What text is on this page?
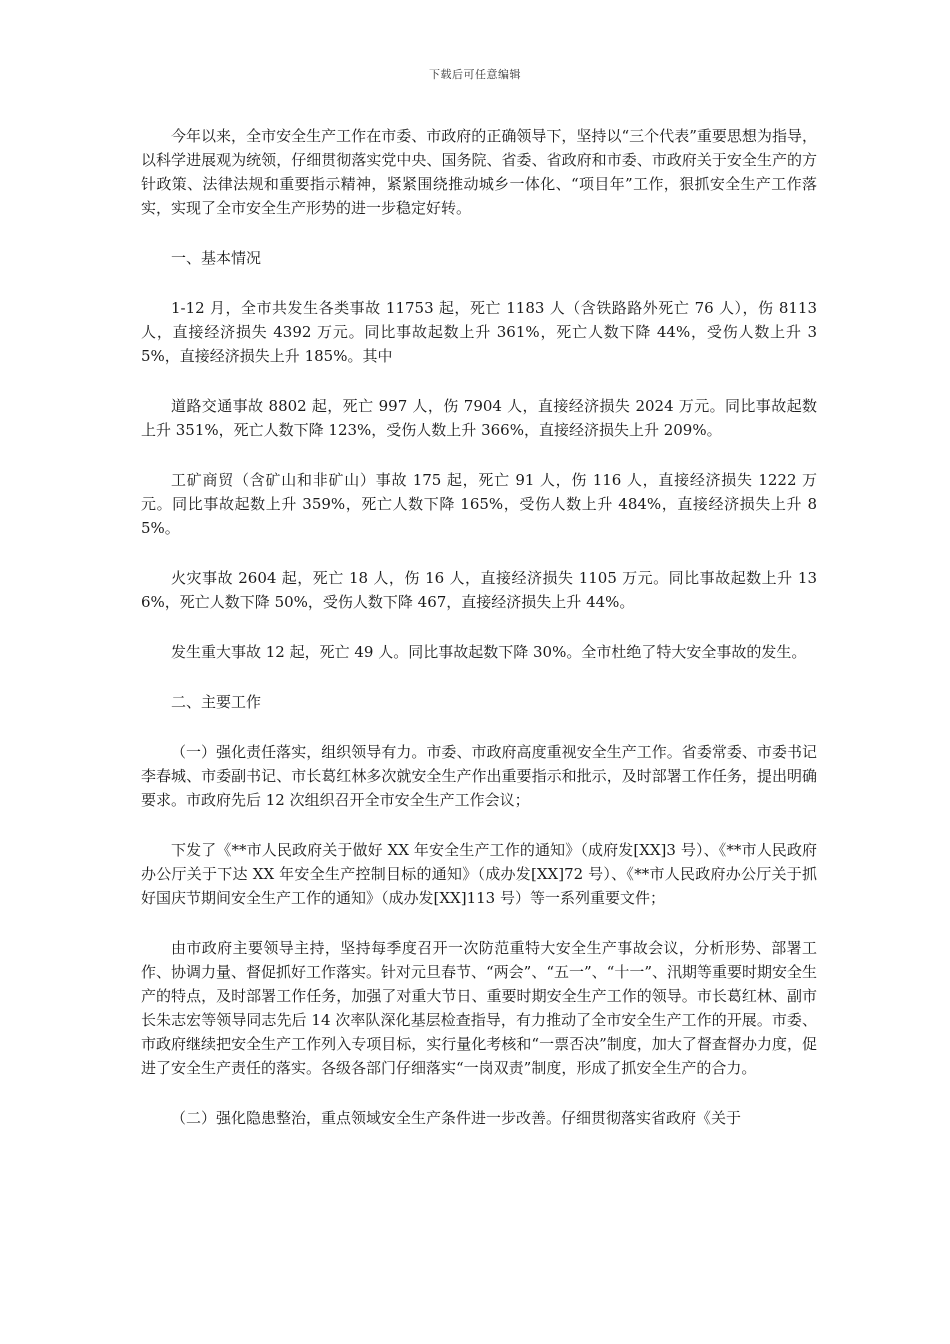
下载后可任意编辑

今年以来，全市安全生产工作在市委、市政府的正确领导下，坚持以“三个代表”重要思想为指导，以科学进展观为统领，仔细贯彻落实党中央、国务院、省委、省政府和市委、市政府关于安全生产的方针政策、法律法规和重要指示精神，紧紧围绕推动城乡一体化、“项目年”工作，狠抓安全生产工作落实，实现了全市安全生产形势的进一步稳定好转。

一、基本情况

1-12 月，全市共发生各类事故 11753 起，死亡 1183 人（含铁路路外死亡 76 人），伤 8113 人，直接经济损失 4392 万元。同比事故起数上升 361%，死亡人数下降 44%，受伤人数上升 35%，直接经济损失上升 185%。其中

道路交通事故 8802 起，死亡 997 人，伤 7904 人，直接经济损失 2024 万元。同比事故起数上升 351%，死亡人数下降 123%，受伤人数上升 366%，直接经济损失上升 209%。

工矿商贸（含矿山和非矿山）事故 175 起，死亡 91 人，伤 116 人，直接经济损失 1222 万元。同比事故起数上升 359%，死亡人数下降 165%，受伤人数上升 484%，直接经济损失上升 85%。

火灾事故 2604 起，死亡 18 人，伤 16 人，直接经济损失 1105 万元。同比事故起数上升 136%，死亡人数下降 50%，受伤人数下降 467，直接经济损失上升 44%。

发生重大事故 12 起，死亡 49 人。同比事故起数下降 30%。全市杜绝了特大安全事故的发生。

二、主要工作

（一）强化责任落实，组织领导有力。市委、市政府高度重视安全生产工作。省委常委、市委书记李春城、市委副书记、市长葛红林多次就安全生产作出重要指示和批示，及时部署工作任务，提出明确要求。市政府先后 12 次组织召开全市安全生产工作会议；

下发了《**市人民政府关于做好 XX 年安全生产工作的通知》（成府发[XX]3 号）、《**市人民政府办公厅关于下达 XX 年安全生产控制目标的通知》（成办发[XX]72 号）、《**市人民政府办公厅关于抓好国庆节期间安全生产工作的通知》（成办发[XX]113 号）等一系列重要文件；

由市政府主要领导主持，坚持每季度召开一次防范重特大安全生产事故会议，分析形势、部署工作、协调力量、督促抓好工作落实。针对元旦春节、“两会”、“五一”、“十一”、汛期等重要时期安全生产的特点，及时部署工作任务，加强了对重大节日、重要时期安全生产工作的领导。市长葛红林、副市长朱志宏等领导同志先后 14 次率队深化基层检查指导，有力推动了全市安全生产工作的开展。市委、市政府继续把安全生产工作列入专项目标，实行量化考核和“一票否决”制度，加大了督查督办力度，促进了安全生产责任的落实。各级各部门仔细落实“一岗双责”制度，形成了抓安全生产的合力。

（二）强化隐患整治，重点领域安全生产条件进一步改善。仔细贯彻落实省政府《关于
